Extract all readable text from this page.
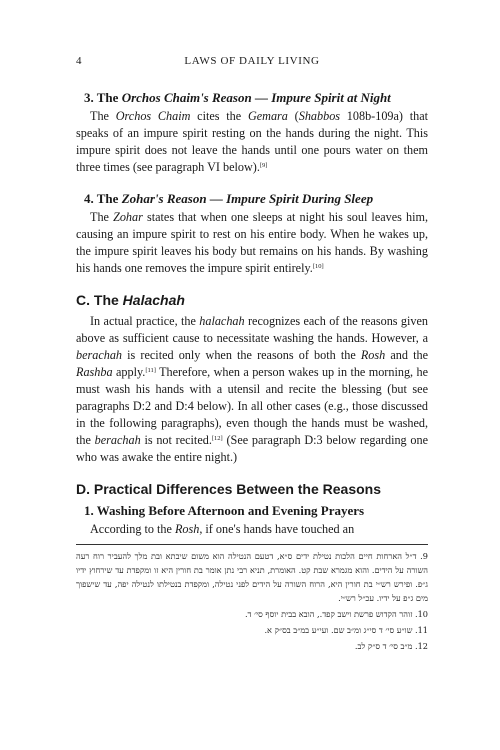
4	LAWS OF DAILY LIVING
3. The Orchos Chaim's Reason — Impure Spirit at Night

The Orchos Chaim cites the Gemara (Shabbos 108b-109a) that speaks of an impure spirit resting on the hands during the night. This impure spirit does not leave the hands until one pours water on them three times (see paragraph VI below).[9]

4. The Zohar's Reason — Impure Spirit During Sleep

The Zohar states that when one sleeps at night his soul leaves him, causing an impure spirit to rest on his entire body. When he wakes up, the impure spirit leaves his body but remains on his hands. By washing his hands one removes the impure spirit entirely.[10]

C. The Halachah

In actual practice, the halachah recognizes each of the reasons given above as sufficient cause to necessitate washing the hands. However, a berachah is recited only when the reasons of both the Rosh and the Rashba apply.[11] Therefore, when a person wakes up in the morning, he must wash his hands with a utensil and recite the blessing (but see paragraphs D:2 and D:4 below). In all other cases (e.g., those discussed in the following paragraphs), even though the hands must be washed, the berachah is not recited.[12] (See paragraph D:3 below regarding one who was awake the entire night.)

D. Practical Differences Between the Reasons
1. Washing Before Afternoon and Evening Prayers

According to the Rosh, if one's hands have touched an

9. ד״ל הארחות חיים הלכות נטילת ידים ס״א, דטעם הנטילה הוא משום שיבתא ובת מלך להעביר רוח רעה השורה על הידים. והוא מגמרא שבת קט. האומרת, תניא רבי נתן אומר בת חורין היא זו ומקפדת עד שירחוץ ידיו ג״פ. ופירש רש״י בת חורין היא, הרוח השורה על הידים לפני נטילה, ומקפדת בנטילתו לנטילה יפה, עד שישפוך מים ג״פ על ידיו. עכ״ל רש״י.
10. זוהר הקדוש פרשת וישב קפד., הובא בבית יוסף סי׳ ד.
11. שו״ע סי׳ ד סי״ג ומ״ב שם. ועי״ע במ״ב בס״ק א.
12. מ״ב סי׳ ד ס״ק לב.
